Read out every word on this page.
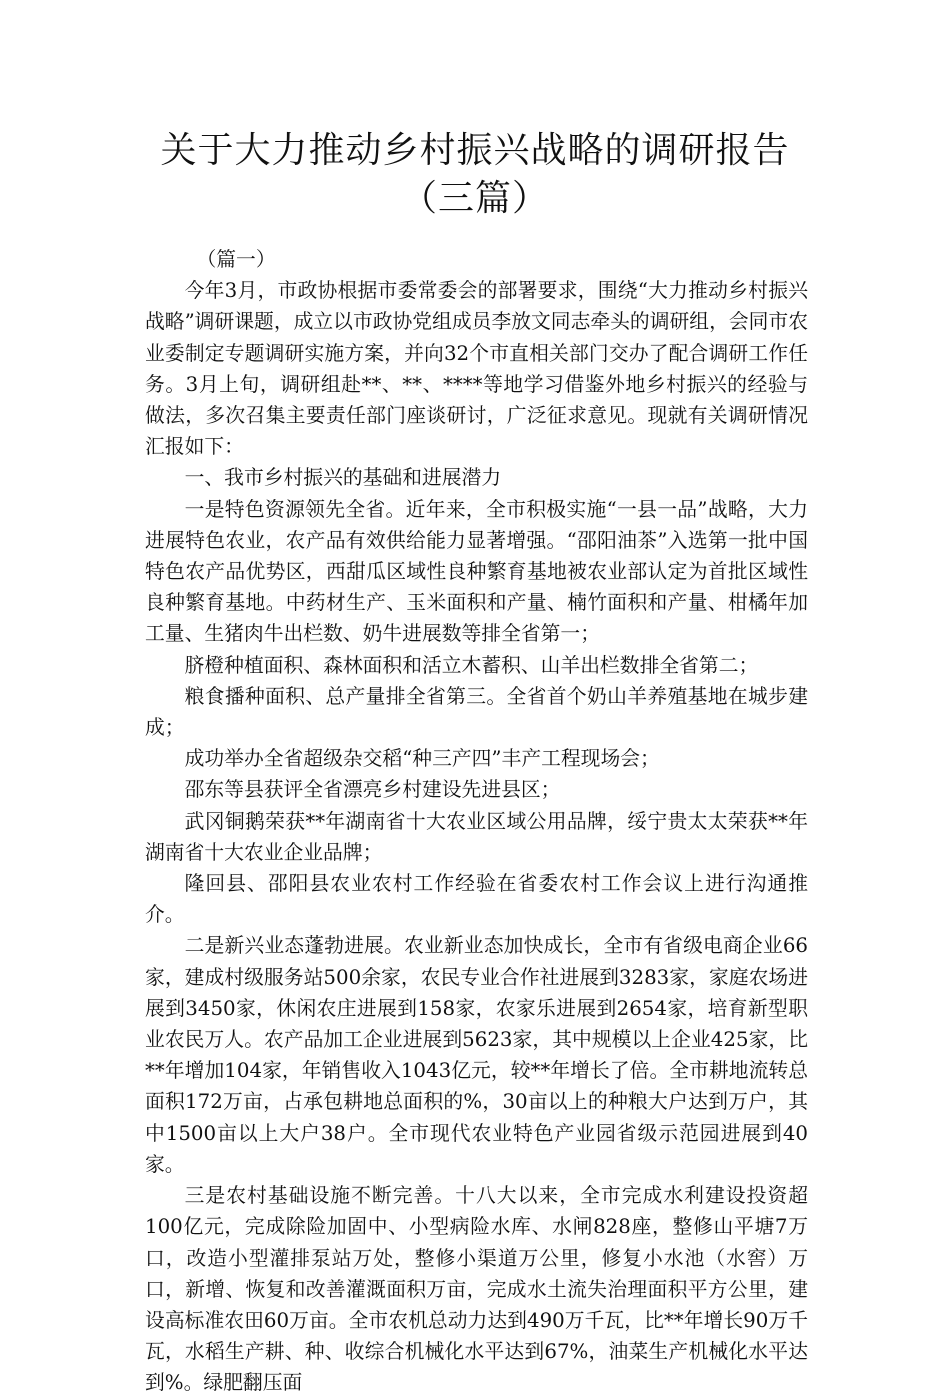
关于大力推动乡村振兴战略的调研报告
（三篇）

（篇一）

今年3月，市政协根据市委常委会的部署要求，围绕“大力推动乡村振兴战略”调研课题，成立以市政协党组成员李放文同志牵头的调研组，会同市农业委制定专题调研实施方案，并向32个市直相关部门交办了配合调研工作任务。3月上旬，调研组赴**、**、****等地学习借鉴外地乡村振兴的经验与做法，多次召集主要责任部门座谈研讨，广泛征求意见。现就有关调研情况汇报如下：

一、我市乡村振兴的基础和进展潜力

一是特色资源领先全省。近年来，全市积极实施“一县一品”战略，大力进展特色农业，农产品有效供给能力显著增强。“邵阳油茶”入选第一批中国特色农产品优势区，西甜瓜区域性良种繁育基地被农业部认定为首批区域性良种繁育基地。中药材生产、玉米面积和产量、楠竹面积和产量、柑橘年加工量、生猪肉牛出栏数、奶牛进展数等排全省第一；

脐橙种植面积、森林面积和活立木蓄积、山羊出栏数排全省第二；

粮食播种面积、总产量排全省第三。全省首个奶山羊养殖基地在城步建成；

成功举办全省超级杂交稻“种三产四”丰产工程现场会；

邵东等县获评全省漂亮乡村建设先进县区；

武冈铜鹅荣获**年湖南省十大农业区域公用品牌，绥宁贵太太荣获**年湖南省十大农业企业品牌；

隆回县、邵阳县农业农村工作经验在省委农村工作会议上进行沟通推介。

二是新兴业态蓬勃进展。农业新业态加快成长，全市有省级电商企业66家，建成村级服务站500余家，农民专业合作社进展到3283家，家庭农场进展到3450家，休闲农庄进展到158家，农家乐进展到2654家，培育新型职业农民万人。农产品加工企业进展到5623家，其中规模以上企业425家，比**年增加104家，年销售收入1043亿元，较**年增长了倍。全市耕地流转总面积172万亩，占承包耕地总面积的%，30亩以上的种粮大户达到万户，其中1500亩以上大户38户。全市现代农业特色产业园省级示范园进展到40家。

三是农村基础设施不断完善。十八大以来，全市完成水利建设投资超100亿元，完成除险加固中、小型病险水库、水闸828座，整修山平塘7万口，改造小型灌排泵站万处，整修小渠道万公里，修复小水池（水窖）万口，新增、恢复和改善灌溉面积万亩，完成水土流失治理面积平方公里，建设高标准农田60万亩。全市农机总动力达到490万千瓦，比**年增长90万千瓦，水稻生产耕、种、收综合机械化水平达到67%，油菜生产机械化水平达到%。绿肥翻压面
